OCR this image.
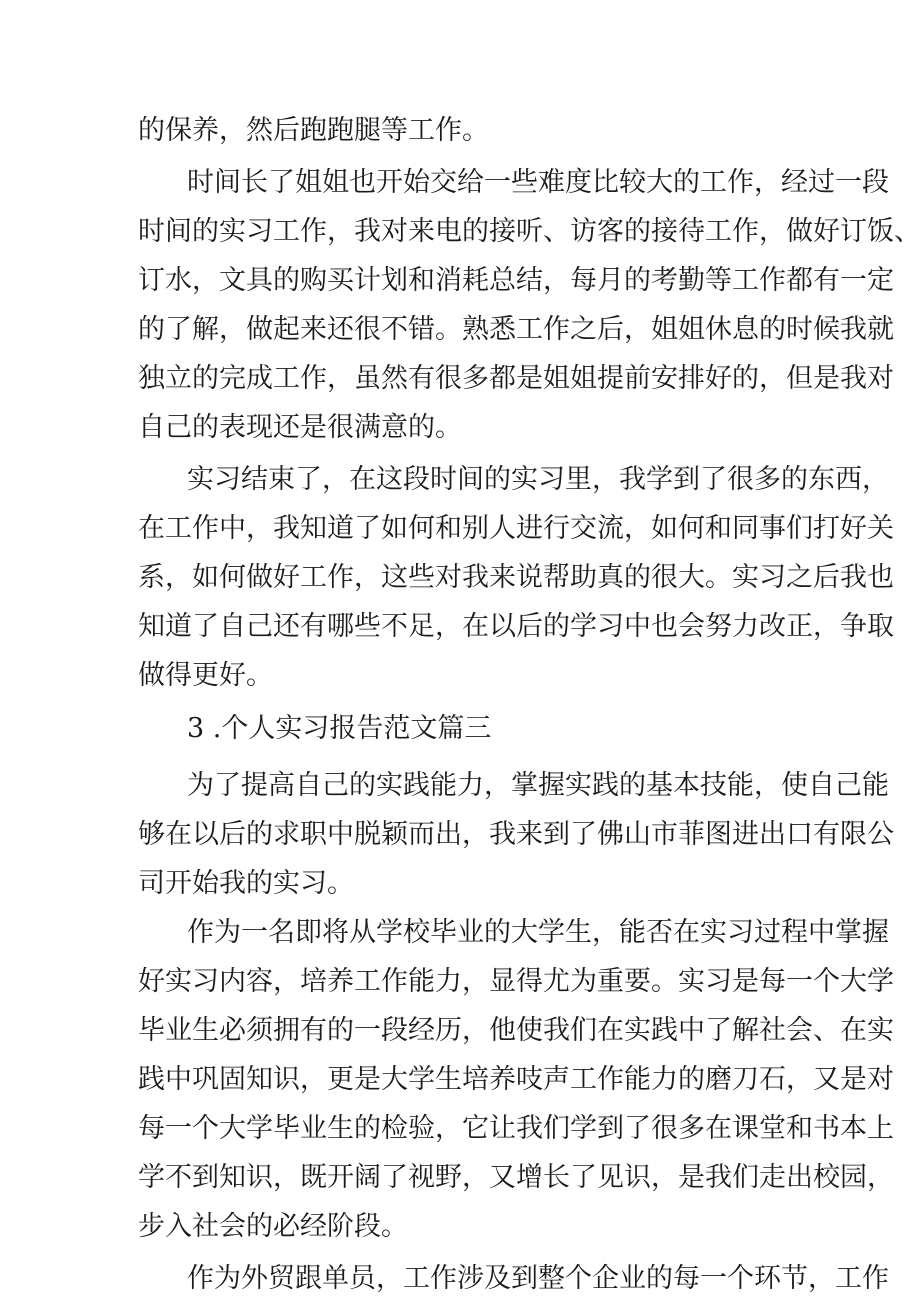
的保养，然后跑跑腿等工作。
时间长了姐姐也开始交给一些难度比较大的工作，经过一段
时间的实习工作，我对来电的接听、访客的接待工作，做好订饭、
订水，文具的购买计划和消耗总结，每月的考勤等工作都有一定
的了解，做起来还很不错。熟悉工作之后，姐姐休息的时候我就
独立的完成工作，虽然有很多都是姐姐提前安排好的，但是我对
自己的表现还是很满意的。
实习结束了，在这段时间的实习里，我学到了很多的东西，
在工作中，我知道了如何和别人进行交流，如何和同事们打好关
系，如何做好工作，这些对我来说帮助真的很大。实习之后我也
知道了自己还有哪些不足，在以后的学习中也会努力改正，争取
做得更好。
3 .个人实习报告范文篇三
为了提高自己的实践能力，掌握实践的基本技能，使自己能
够在以后的求职中脱颖而出，我来到了佛山市菲图进出口有限公
司开始我的实习。
作为一名即将从学校毕业的大学生，能否在实习过程中掌握
好实习内容，培养工作能力，显得尤为重要。实习是每一个大学
毕业生必须拥有的一段经历，他使我们在实践中了解社会、在实
践中巩固知识，更是大学生培养吱声工作能力的磨刀石，又是对
每一个大学毕业生的检验，它让我们学到了很多在课堂和书本上
学不到知识，既开阔了视野，又增长了见识，是我们走出校园，
步入社会的必经阶段。
作为外贸跟单员，工作涉及到整个企业的每一个环节，工作
